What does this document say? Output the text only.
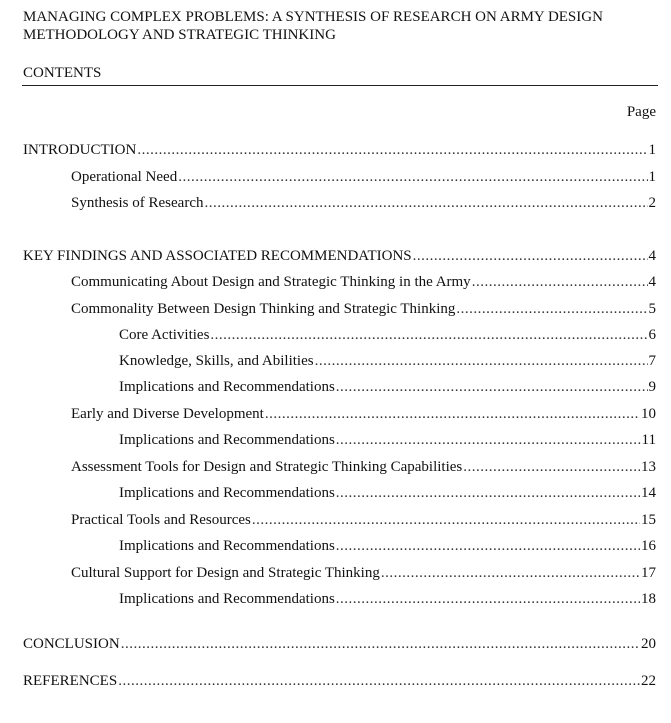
MANAGING COMPLEX PROBLEMS: A SYNTHESIS OF RESEARCH ON ARMY DESIGN METHODOLOGY AND STRATEGIC THINKING
CONTENTS
Page
INTRODUCTION .....	1
Operational Need .....	1
Synthesis of Research .....	2
KEY FINDINGS AND ASSOCIATED RECOMMENDATIONS .....	4
Communicating About Design and Strategic Thinking in the Army .....	4
Commonality Between Design Thinking and Strategic Thinking .....	5
Core Activities .....	6
Knowledge, Skills, and Abilities .....	7
Implications and Recommendations .....	9
Early and Diverse Development .....	10
Implications and Recommendations .....	11
Assessment Tools for Design and Strategic Thinking Capabilities .....	13
Implications and Recommendations .....	14
Practical Tools and Resources .....	15
Implications and Recommendations .....	16
Cultural Support for Design and Strategic Thinking .....	17
Implications and Recommendations .....	18
CONCLUSION .....	20
REFERENCES .....	22
